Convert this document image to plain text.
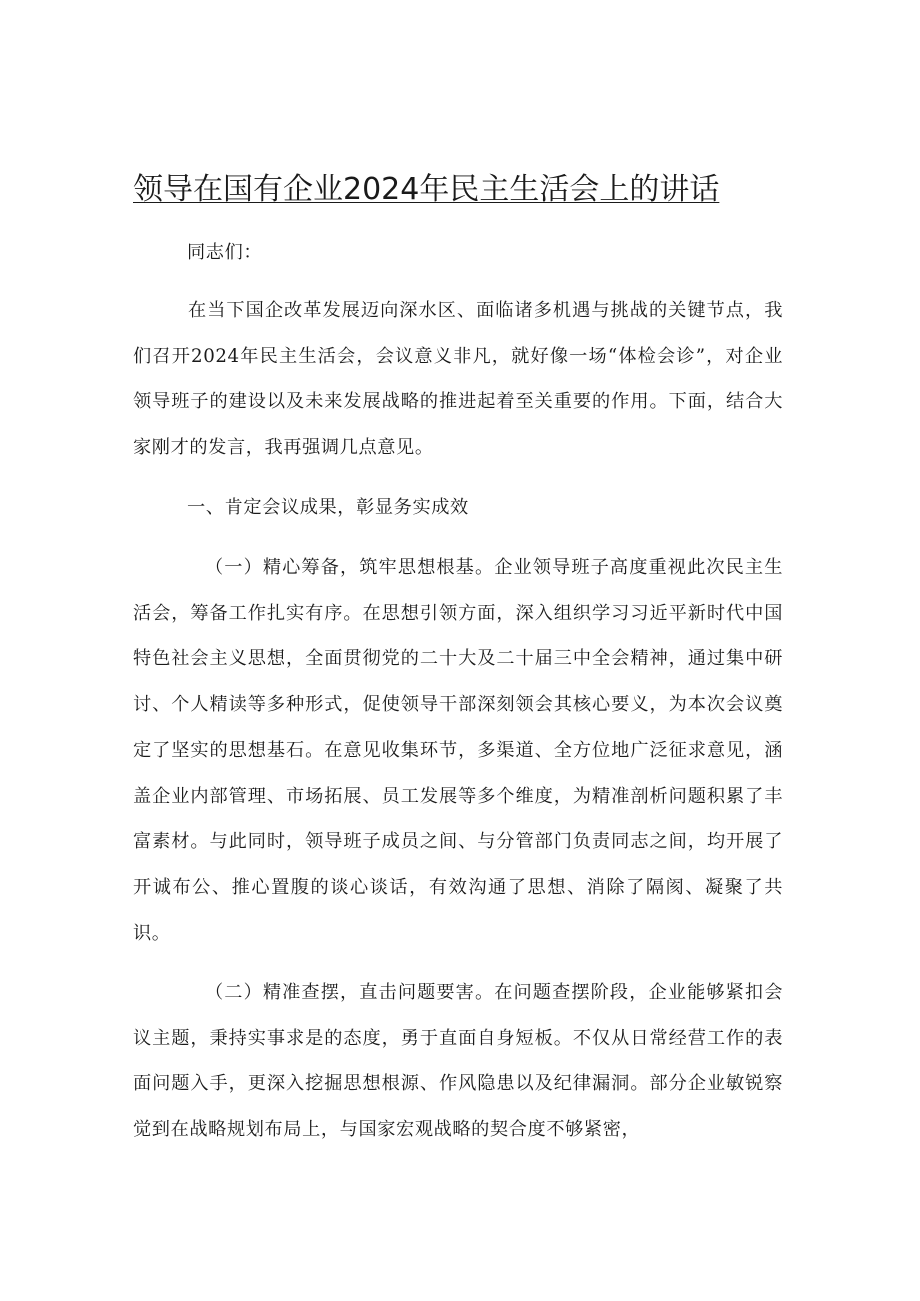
领导在国有企业2024年民主生活会上的讲话

同志们：

在当下国企改革发展迈向深水区、面临诸多机遇与挑战的关键节点，我们召开2024年民主生活会，会议意义非凡，就好像一场“体检会诊”，对企业领导班子的建设以及未来发展战略的推进起着至关重要的作用。下面，结合大家刚才的发言，我再强调几点意见。

一、肯定会议成果，彰显务实成效

（一）精心筹备，筑牢思想根基。企业领导班子高度重视此次民主生活会，筹备工作扎实有序。在思想引领方面，深入组织学习习近平新时代中国特色社会主义思想，全面贯彻党的二十大及二十届三中全会精神，通过集中研讨、个人精读等多种形式，促使领导干部深刻领会其核心要义，为本次会议奠定了坚实的思想基石。在意见收集环节，多渠道、全方位地广泛征求意见，涵盖企业内部管理、市场拓展、员工发展等多个维度，为精准剖析问题积累了丰富素材。与此同时，领导班子成员之间、与分管部门负责同志之间，均开展了开诚布公、推心置腹的谈心谈话，有效沟通了思想、消除了隔阂、凝聚了共识。

（二）精准查摆，直击问题要害。在问题查摆阶段，企业能够紧扣会议主题，秉持实事求是的态度，勇于直面自身短板。不仅从日常经营工作的表面问题入手，更深入挖掘思想根源、作风隐患以及纪律漏洞。部分企业敏锐察觉到在战略规划布局上，与国家宏观战略的契合度不够紧密，
